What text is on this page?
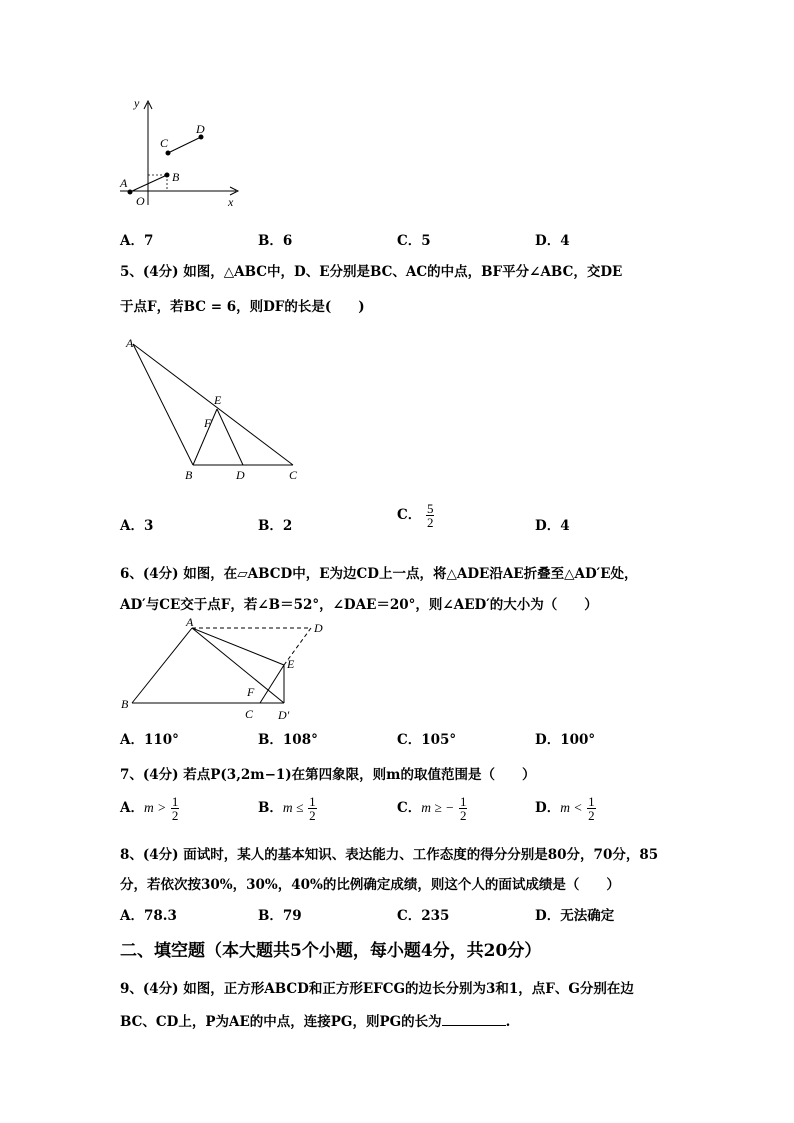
y
x
O
A	B
C
D
A．7	B．6	C．5	D．4
5、(4分) 如图，△ABC中，D、E分别是BC、AC的中点，BF平分∠ABC，交DE
于点F，若BC = 6，则DF的长是(　　)
A
B	C
D
E
F
A．3	B．2
C． $\frac{5}{2}$	D．4
6、(4分) 如图，在▱ABCD中，E为边CD上一点，将△ADE沿AE折叠至△AD′E处，
AD′与CE交于点F，若∠B＝52°，∠DAE＝20°，则∠AED′的大小为（　　）
A
B
C
D
E
F
D′
A．110°	B．108°	C．105°	D．100°
7、(4分) 若点P(3,2m−1)在第四象限，则m的取值范围是（　　）
A．$m > \frac{1}{2}$	B．$m \le \frac{1}{2}$	C．m ≥ − $\frac{1}{2}$	D．$m < \frac{1}{2}$
8、(4分) 面试时，某人的基本知识、表达能力、工作态度的得分分别是80分，70分，85
分，若依次按30%，30%，40%的比例确定成绩，则这个人的面试成绩是（　　）
A．78.3	B．79	C．235	D．无法确定
二、填空题（本大题共5个小题，每小题4分，共20分）
9、(4分) 如图，正方形ABCD和正方形EFCG的边长分别为3和1，点F、G分别在边
BC、CD上，P为AE的中点，连接PG，则PG的长为	.
